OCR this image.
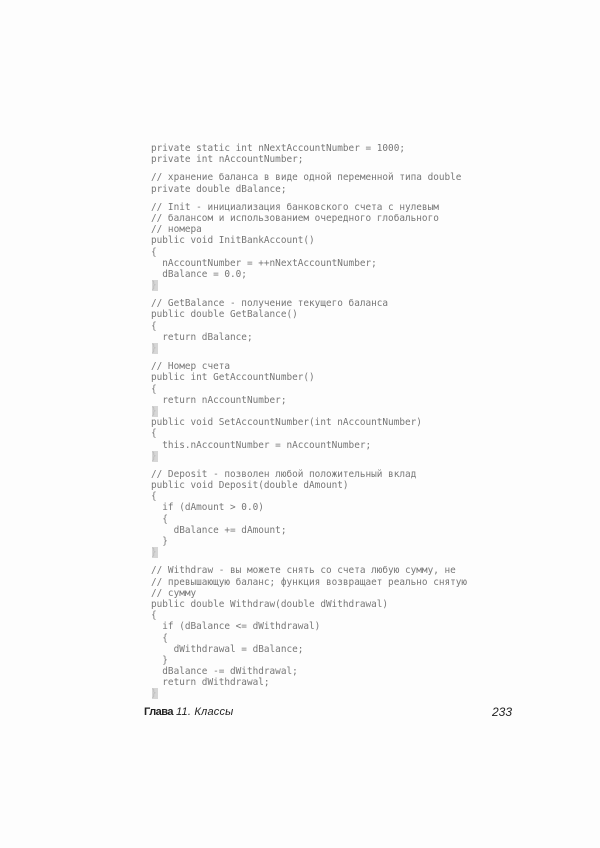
private static int nNextAccountNumber = 1000;
private int nAccountNumber;
// хранение баланса в виде одной переменной типа double
private double dBalance;
// Init - инициализация банковского счета с нулевым
// балансом и использованием очередного глобального
// номера
public void InitBankAccount()
{
nAccountNumber = ++nNextAccountNumber;
dBalance = 0.0;
}
// GetBalance - получение текущего баланса
public double GetBalance()
{
return dBalance;
}
// Номер счета
public int GetAccountNumber()
{
return nAccountNumber;
}
public void SetAccountNumber(int nAccountNumber)
{
this.nAccountNumber = nAccountNumber;
}
// Deposit - позволен любой положительный вклад
public void Deposit(double dAmount)
{
if (dAmount > 0.0)
{
dBalance += dAmount;
}
}
// Withdraw - вы можете снять со счета любую сумму, не
// превышающую баланс; функция возвращает реально снятую
// сумму
public double Withdraw(double dWithdrawal)
{
if (dBalance <= dWithdrawal)
{
dWithdrawal = dBalance;
}
dBalance -= dWithdrawal;
return dWithdrawal;
}
Глава 11. Классы	233
